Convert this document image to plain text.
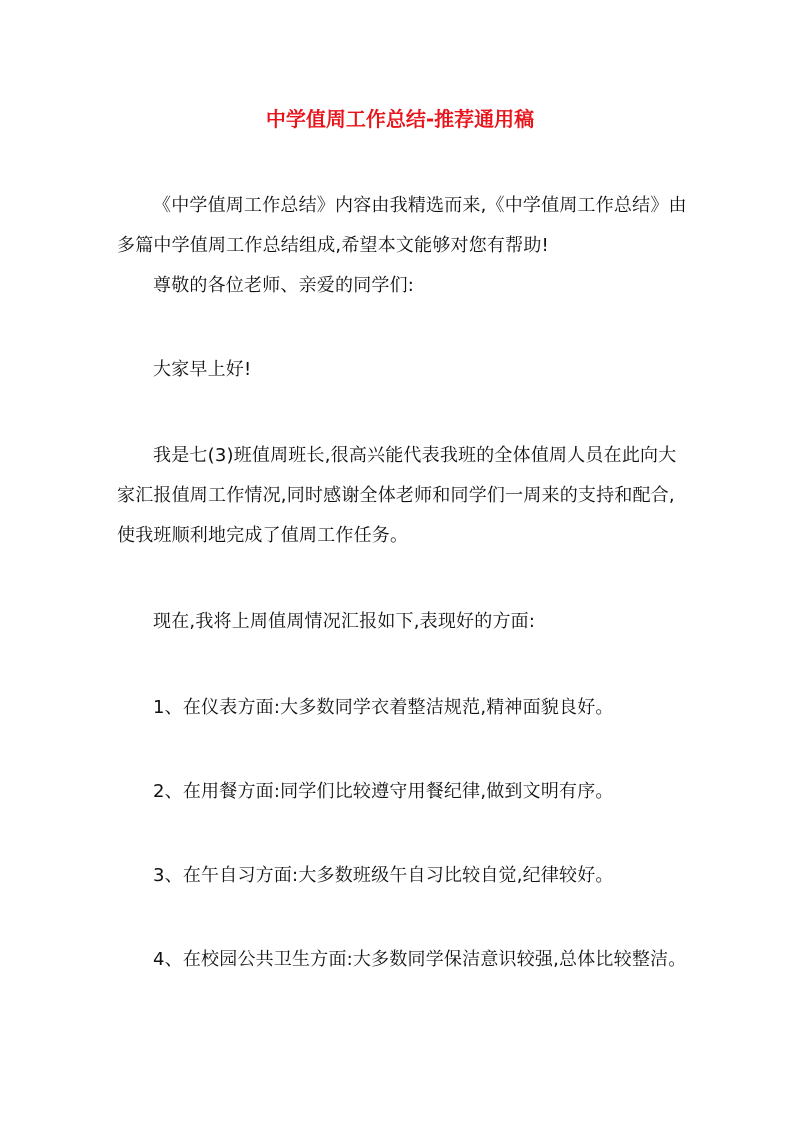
中学值周工作总结-推荐通用稿

《中学值周工作总结》内容由我精选而来,《中学值周工作总结》由多篇中学值周工作总结组成,希望本文能够对您有帮助!

尊敬的各位老师、亲爱的同学们:

大家早上好!

我是七(3)班值周班长,很高兴能代表我班的全体值周人员在此向大家汇报值周工作情况,同时感谢全体老师和同学们一周来的支持和配合,使我班顺利地完成了值周工作任务。

现在,我将上周值周情况汇报如下,表现好的方面:

1、在仪表方面:大多数同学衣着整洁规范,精神面貌良好。

2、在用餐方面:同学们比较遵守用餐纪律,做到文明有序。

3、在午自习方面:大多数班级午自习比较自觉,纪律较好。

4、在校园公共卫生方面:大多数同学保洁意识较强,总体比较整洁。
